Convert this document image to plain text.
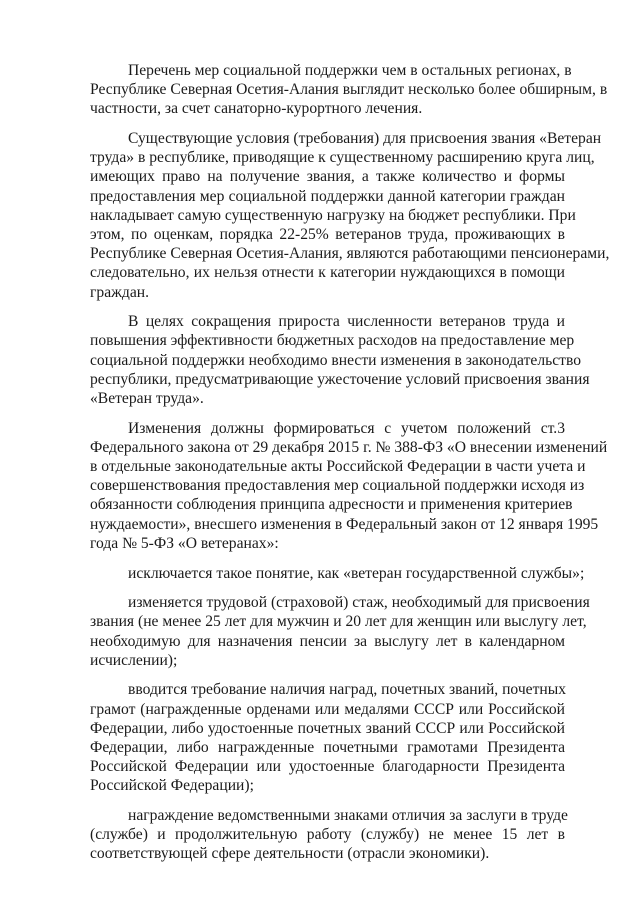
Перечень мер социальной поддержки чем в остальных регионах, в
Республике Северная Осетия-Алания выглядит несколько более обширным, в
частности, за счет санаторно-курортного лечения.
Существующие условия (требования) для присвоения звания «Ветеран
труда» в республике, приводящие к существенному расширению круга лиц,
имеющих право на получение звания, а также количество и формы
предоставления мер социальной поддержки данной категории граждан
накладывает самую существенную нагрузку на бюджет республики. При
этом, по оценкам, порядка 22-25% ветеранов труда, проживающих в
Республике Северная Осетия-Алания, являются работающими пенсионерами,
следовательно, их нельзя отнести к категории нуждающихся в помощи
граждан.
В целях сокращения прироста численности ветеранов труда и
повышения эффективности бюджетных расходов на предоставление мер
социальной поддержки необходимо внести изменения в законодательство
республики, предусматривающие ужесточение условий присвоения звания
«Ветеран труда».
Изменения должны формироваться с учетом положений ст.3
Федерального закона от 29 декабря 2015 г. № 388-ФЗ «О внесении изменений
в отдельные законодательные акты Российской Федерации в части учета и
совершенствования предоставления мер социальной поддержки исходя из
обязанности соблюдения принципа адресности и применения критериев
нуждаемости», внесшего изменения в Федеральный закон от 12 января 1995
года № 5-ФЗ «О ветеранах»:
исключается такое понятие, как «ветеран государственной службы»;
изменяется трудовой (страховой) стаж, необходимый для присвоения
звания (не менее 25 лет для мужчин и 20 лет для женщин или выслугу лет,
необходимую для назначения пенсии за выслугу лет в календарном
исчислении);
вводится требование наличия наград, почетных званий, почетных
грамот (награжденные орденами или медалями СССР или Российской
Федерации, либо удостоенные почетных званий СССР или Российской
Федерации, либо награжденные почетными грамотами Президента
Российской Федерации или удостоенные благодарности Президента
Российской Федерации);
награждение ведомственными знаками отличия за заслуги в труде
(службе) и продолжительную работу (службу) не менее 15 лет в
соответствующей сфере деятельности (отрасли экономики).
